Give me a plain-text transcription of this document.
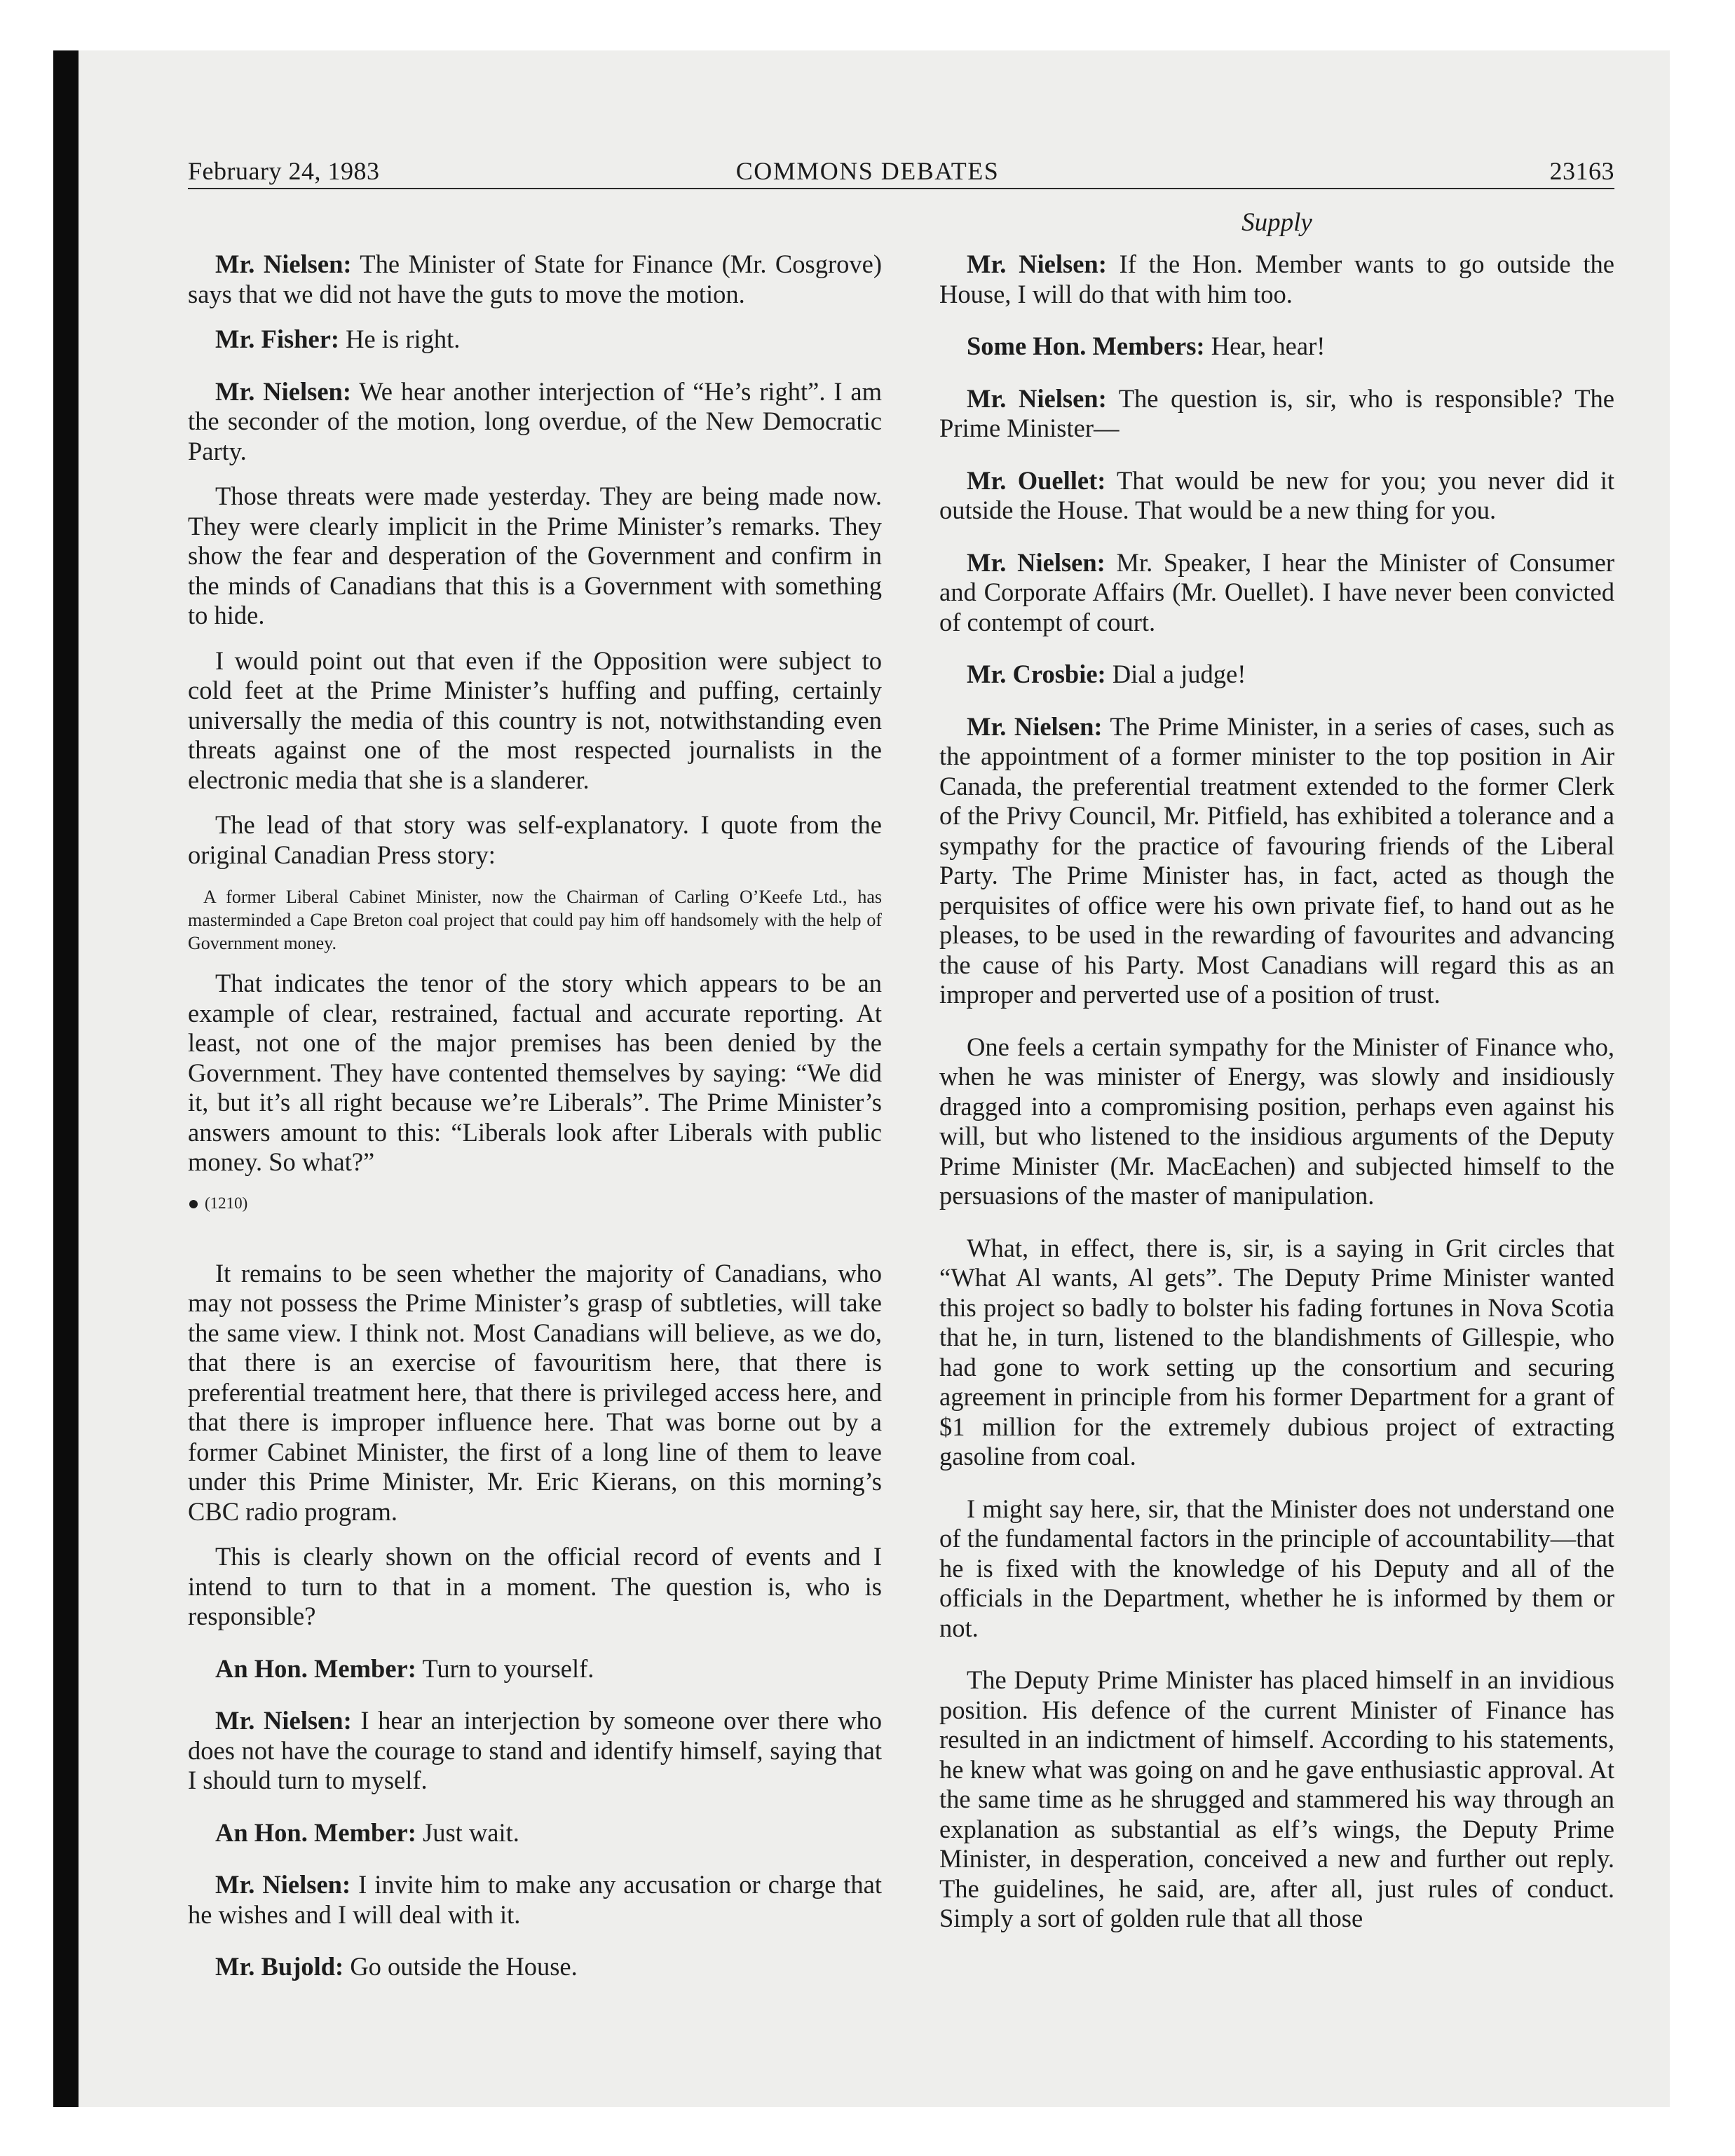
February 24, 1983	COMMONS DEBATES	23163
Supply

Mr. Nielsen: The Minister of State for Finance (Mr. Cosgrove) says that we did not have the guts to move the motion.

Mr. Fisher: He is right.

Mr. Nielsen: We hear another interjection of “He’s right”. I am the seconder of the motion, long overdue, of the New Democratic Party.

Those threats were made yesterday. They are being made now. They were clearly implicit in the Prime Minister’s remarks. They show the fear and desperation of the Government and confirm in the minds of Canadians that this is a Government with something to hide.

I would point out that even if the Opposition were subject to cold feet at the Prime Minister’s huffing and puffing, certainly universally the media of this country is not, notwithstanding even threats against one of the most respected journalists in the electronic media that she is a slanderer.

The lead of that story was self-explanatory. I quote from the original Canadian Press story:

A former Liberal Cabinet Minister, now the Chairman of Carling O’Keefe Ltd., has masterminded a Cape Breton coal project that could pay him off handsomely with the help of Government money.

That indicates the tenor of the story which appears to be an example of clear, restrained, factual and accurate reporting. At least, not one of the major premises has been denied by the Government. They have contented themselves by saying: “We did it, but it’s all right because we’re Liberals”. The Prime Minister’s answers amount to this: “Liberals look after Liberals with public money. So what?”

(1210)

It remains to be seen whether the majority of Canadians, who may not possess the Prime Minister’s grasp of subtleties, will take the same view. I think not. Most Canadians will believe, as we do, that there is an exercise of favouritism here, that there is preferential treatment here, that there is privileged access here, and that there is improper influence here. That was borne out by a former Cabinet Minister, the first of a long line of them to leave under this Prime Minister, Mr. Eric Kierans, on this morning’s CBC radio program.

This is clearly shown on the official record of events and I intend to turn to that in a moment. The question is, who is responsible?

An Hon. Member: Turn to yourself.

Mr. Nielsen: I hear an interjection by someone over there who does not have the courage to stand and identify himself, saying that I should turn to myself.

An Hon. Member: Just wait.

Mr. Nielsen: I invite him to make any accusation or charge that he wishes and I will deal with it.

Mr. Bujold: Go outside the House.

Mr. Nielsen: If the Hon. Member wants to go outside the House, I will do that with him too.

Some Hon. Members: Hear, hear!

Mr. Nielsen: The question is, sir, who is responsible? The Prime Minister—

Mr. Ouellet: That would be new for you; you never did it outside the House. That would be a new thing for you.

Mr. Nielsen: Mr. Speaker, I hear the Minister of Consumer and Corporate Affairs (Mr. Ouellet). I have never been convicted of contempt of court.

Mr. Crosbie: Dial a judge!

Mr. Nielsen: The Prime Minister, in a series of cases, such as the appointment of a former minister to the top position in Air Canada, the preferential treatment extended to the former Clerk of the Privy Council, Mr. Pitfield, has exhibited a tolerance and a sympathy for the practice of favouring friends of the Liberal Party. The Prime Minister has, in fact, acted as though the perquisites of office were his own private fief, to hand out as he pleases, to be used in the rewarding of favourites and advancing the cause of his Party. Most Canadians will regard this as an improper and perverted use of a position of trust.

One feels a certain sympathy for the Minister of Finance who, when he was minister of Energy, was slowly and insidiously dragged into a compromising position, perhaps even against his will, but who listened to the insidious arguments of the Deputy Prime Minister (Mr. MacEachen) and subjected himself to the persuasions of the master of manipulation.

What, in effect, there is, sir, is a saying in Grit circles that “What Al wants, Al gets”. The Deputy Prime Minister wanted this project so badly to bolster his fading fortunes in Nova Scotia that he, in turn, listened to the blandishments of Gillespie, who had gone to work setting up the consortium and securing agreement in principle from his former Department for a grant of $1 million for the extremely dubious project of extracting gasoline from coal.

I might say here, sir, that the Minister does not understand one of the fundamental factors in the principle of accountability—that he is fixed with the knowledge of his Deputy and all of the officials in the Department, whether he is informed by them or not.

The Deputy Prime Minister has placed himself in an invidious position. His defence of the current Minister of Finance has resulted in an indictment of himself. According to his statements, he knew what was going on and he gave enthusiastic approval. At the same time as he shrugged and stammered his way through an explanation as substantial as elf’s wings, the Deputy Prime Minister, in desperation, conceived a new and further out reply. The guidelines, he said, are, after all, just rules of conduct. Simply a sort of golden rule that all those
